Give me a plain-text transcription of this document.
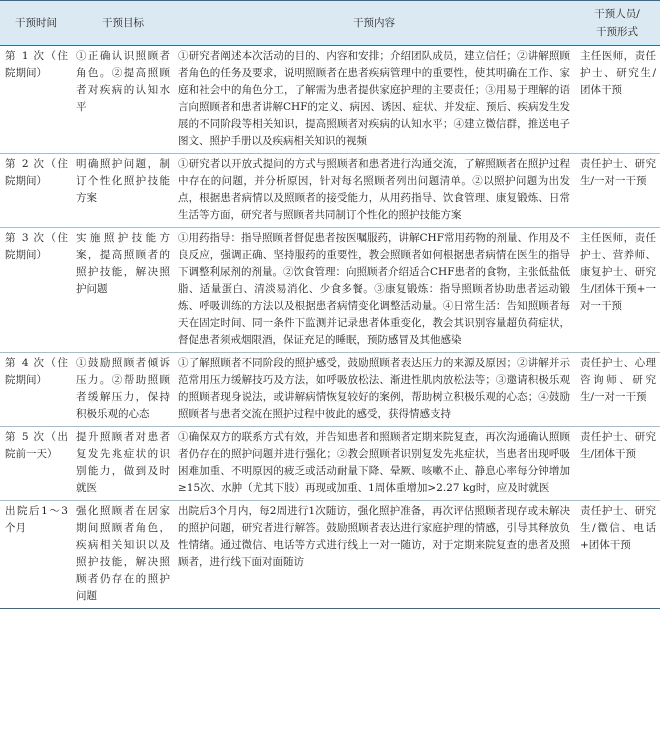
干预时间	干预目标	干预内容	干预人员/
干预形式

第 1 次（住院期间）	①正确认识照顾者角色。②提高照顾者对疾病的认知水平	①研究者阐述本次活动的目的、内容和安排；介绍团队成员，建立信任；②讲解照顾者角色的任务及要求，说明照顾者在患者疾病管理中的重要性，使其明确在工作、家庭和社会中的角色分工，了解需为患者提供家庭护理的主要责任；③用易于理解的语言向照顾者和患者讲解CHF的定义、病因、诱因、症状、并发症、预后、疾病发生发展的不同阶段等相关知识，提高照顾者对疾病的认知水平；④建立微信群，推送电子图文、照护手册以及疾病相关知识的视频	主任医师，责任护士、研究生/团体干预
第 2 次（住院期间）	明确照护问题，制订个性化照护技能方案	①研究者以开放式提问的方式与照顾者和患者进行沟通交流，了解照顾者在照护过程中存在的问题，并分析原因，针对每名照顾者列出问题清单。②以照护问题为出发点，根据患者病情以及照顾者的接受能力，从用药指导、饮食管理、康复锻炼、日常生活等方面，研究者与照顾者共同制订个性化的照护技能方案	责任护士、研究生/一对一干预
第 3 次（住院期间）	实施照护技能方案，提高照顾者的照护技能，解决照护问题	①用药指导：指导照顾者督促患者按医嘱服药，讲解CHF常用药物的剂量、作用及不良反应，强调正确、坚持服药的重要性，教会照顾者如何根据患者病情在医生的指导下调整利尿剂的剂量。②饮食管理：向照顾者介绍适合CHF患者的食物，主张低盐低脂、适量蛋白、清淡易消化、少食多餐。③康复锻炼：指导照顾者协助患者运动锻炼、呼吸训练的方法以及根据患者病情变化调整活动量。④日常生活：告知照顾者每天在固定时间、同一条件下监测并记录患者体重变化，教会其识别容量超负荷症状，督促患者须戒烟限酒，保证充足的睡眠，预防感冒及其他感染	主任医师，责任护士、营养师、康复护士、研究生/团体干预+一对一干预
第 4 次（住院期间）	①鼓励照顾者倾诉压力。②帮助照顾者缓解压力，保持积极乐观的心态	①了解照顾者不同阶段的照护感受，鼓励照顾者表达压力的来源及原因；②讲解并示范常用压力缓解技巧及方法，如呼吸放松法、渐进性肌肉放松法等；③邀请积极乐观的照顾者现身说法，或讲解病情恢复较好的案例，帮助树立积极乐观的心态；④鼓励照顾者与患者交流在照护过程中彼此的感受，获得情感支持	责任护士、心理咨询师、研究生/一对一干预
第 5 次（出院前一天）	提升照顾者对患者复发先兆症状的识别能力，做到及时就医	①确保双方的联系方式有效，并告知患者和照顾者定期来院复查，再次沟通确认照顾者仍存在的照护问题并进行强化；②教会照顾者识别复发先兆症状，当患者出现呼吸困难加重、不明原因的疲乏或活动耐量下降、晕厥、咳嗽不止、静息心率每分钟增加≥15次、水肿（尤其下肢）再现或加重、1周体重增加>2.27 kg时，应及时就医	责任护士、研究生/团体干预
出院后1～3个月	强化照顾者在居家期间照顾者角色，疾病相关知识以及照护技能，解决照顾者仍存在的照护问题	出院后3个月内，每2周进行1次随访，强化照护准备，再次评估照顾者现存或未解决的照护问题，研究者进行解答。鼓励照顾者表达进行家庭护理的情感，引导其释放负性情绪。通过微信、电话等方式进行线上一对一随访，对于定期来院复查的患者及照顾者，进行线下面对面随访	责任护士、研究生/微信、电话+团体干预
